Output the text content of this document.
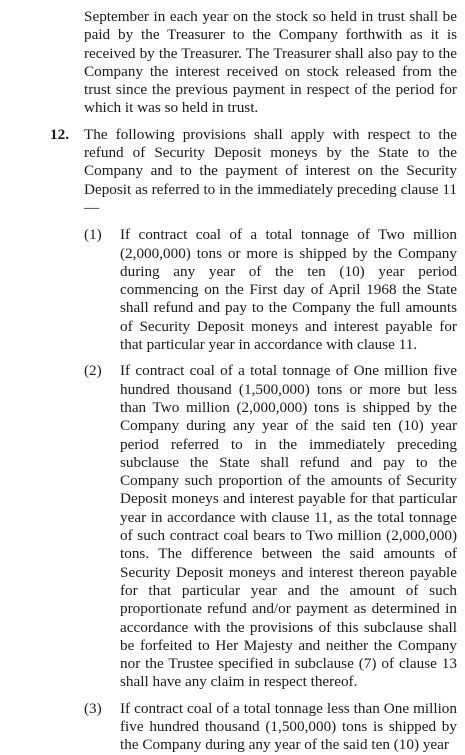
September in each year on the stock so held in trust shall be paid by the Treasurer to the Company forthwith as it is received by the Treasurer. The Treasurer shall also pay to the Company the interest received on stock released from the trust since the previous payment in respect of the period for which it was so held in trust.

12. The following provisions shall apply with respect to the refund of Security Deposit moneys by the State to the Company and to the payment of interest on the Security Deposit as referred to in the immediately preceding clause 11—

(1) If contract coal of a total tonnage of Two million (2,000,000) tons or more is shipped by the Company during any year of the ten (10) year period commencing on the First day of April 1968 the State shall refund and pay to the Company the full amounts of Security Deposit moneys and interest payable for that particular year in accordance with clause 11.

(2) If contract coal of a total tonnage of One million five hundred thousand (1,500,000) tons or more but less than Two million (2,000,000) tons is shipped by the Company during any year of the said ten (10) year period referred to in the immediately preceding subclause the State shall refund and pay to the Company such proportion of the amounts of Security Deposit moneys and interest payable for that particular year in accordance with clause 11, as the total tonnage of such contract coal bears to Two million (2,000,000) tons. The difference between the said amounts of Security Deposit moneys and interest thereon payable for that particular year and the amount of such proportionate refund and/or payment as determined in accordance with the provisions of this subclause shall be forfeited to Her Majesty and neither the Company nor the Trustee specified in subclause (7) of clause 13 shall have any claim in respect thereof.

(3) If contract coal of a total tonnage less than One million five hundred thousand (1,500,000) tons is shipped by the Company during any year of the said ten (10) year
